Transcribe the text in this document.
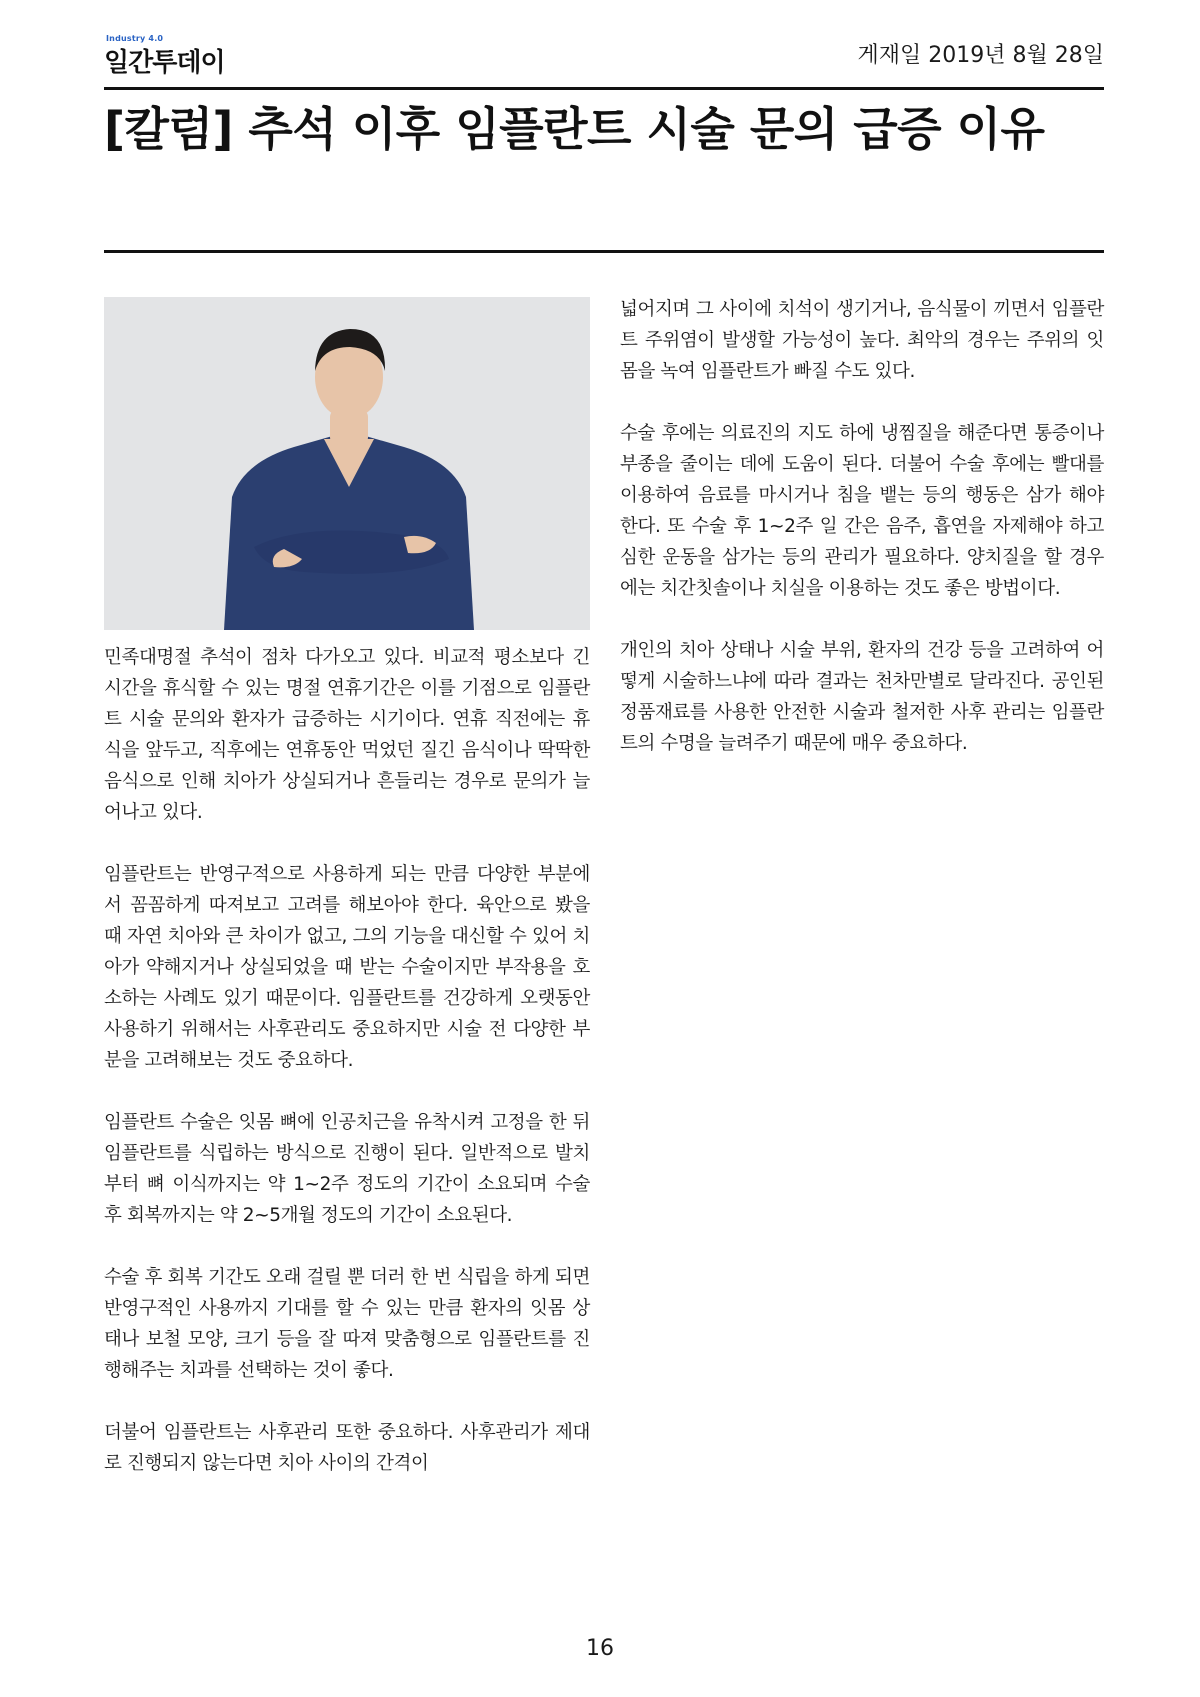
Industry 4.0
일간투데이	게재일 2019년 8월 28일
[칼럼] 추석 이후 임플란트 시술 문의 급증 이유

민족대명절 추석이 점차 다가오고 있다. 비교적 평소보다 긴 시간을 휴식할 수 있는 명절 연휴기간은 이를 기점으로 임플란트 시술 문의와 환자가 급증하는 시기이다. 연휴 직전에는 휴식을 앞두고, 직후에는 연휴동안 먹었던 질긴 음식이나 딱딱한 음식으로 인해 치아가 상실되거나 흔들리는 경우로 문의가 늘어나고 있다.

임플란트는 반영구적으로 사용하게 되는 만큼 다양한 부분에서 꼼꼼하게 따져보고 고려를 해보아야 한다. 육안으로 봤을 때 자연 치아와 큰 차이가 없고, 그의 기능을 대신할 수 있어 치아가 약해지거나 상실되었을 때 받는 수술이지만 부작용을 호소하는 사례도 있기 때문이다. 임플란트를 건강하게 오랫동안 사용하기 위해서는 사후관리도 중요하지만 시술 전 다양한 부분을 고려해보는 것도 중요하다.

임플란트 수술은 잇몸 뼈에 인공치근을 유착시켜 고정을 한 뒤 임플란트를 식립하는 방식으로 진행이 된다. 일반적으로 발치부터 뼈 이식까지는 약 1~2주 정도의 기간이 소요되며 수술 후 회복까지는 약 2~5개월 정도의 기간이 소요된다.

수술 후 회복 기간도 오래 걸릴 뿐 더러 한 번 식립을 하게 되면 반영구적인 사용까지 기대를 할 수 있는 만큼 환자의 잇몸 상태나 보철 모양, 크기 등을 잘 따져 맞춤형으로 임플란트를 진행해주는 치과를 선택하는 것이 좋다.

더불어 임플란트는 사후관리 또한 중요하다. 사후관리가 제대로 진행되지 않는다면 치아 사이의 간격이

넓어지며 그 사이에 치석이 생기거나, 음식물이 끼면서 임플란트 주위염이 발생할 가능성이 높다. 최악의 경우는 주위의 잇몸을 녹여 임플란트가 빠질 수도 있다.

수술 후에는 의료진의 지도 하에 냉찜질을 해준다면 통증이나 부종을 줄이는 데에 도움이 된다. 더불어 수술 후에는 빨대를 이용하여 음료를 마시거나 침을 뱉는 등의 행동은 삼가 해야 한다. 또 수술 후 1~2주 일 간은 음주, 흡연을 자제해야 하고 심한 운동을 삼가는 등의 관리가 필요하다. 양치질을 할 경우에는 치간칫솔이나 치실을 이용하는 것도 좋은 방법이다.

개인의 치아 상태나 시술 부위, 환자의 건강 등을 고려하여 어떻게 시술하느냐에 따라 결과는 천차만별로 달라진다. 공인된 정품재료를 사용한 안전한 시술과 철저한 사후 관리는 임플란트의 수명을 늘려주기 때문에 매우 중요하다.

16
